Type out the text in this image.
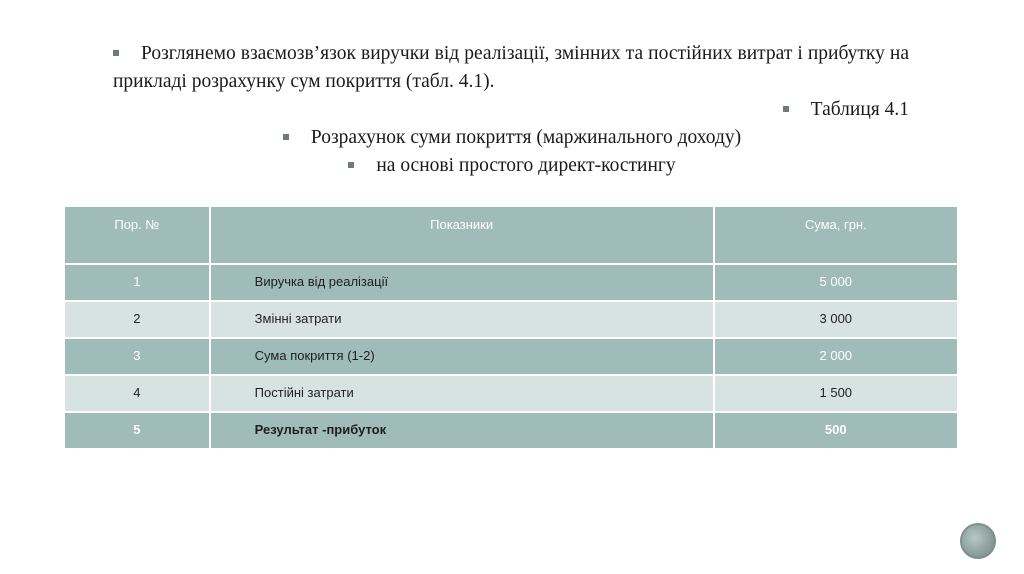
Розглянемо взаємозв’язок виручки від реалізації, змінних та постійних витрат і прибутку на прикладі розрахунку сум покриття (табл. 4.1).
Таблиця 4.1
Розрахунок суми покриття (маржинального доходу)
на основі простого директ-костингу
Пор. №	Показники	Сума, грн.
1	Виручка від реалізації	5 000
2	Змінні затрати	3 000
3	Сума покриття (1-2)	2 000
4	Постійні затрати	1 500
5	Результат -прибуток	500
